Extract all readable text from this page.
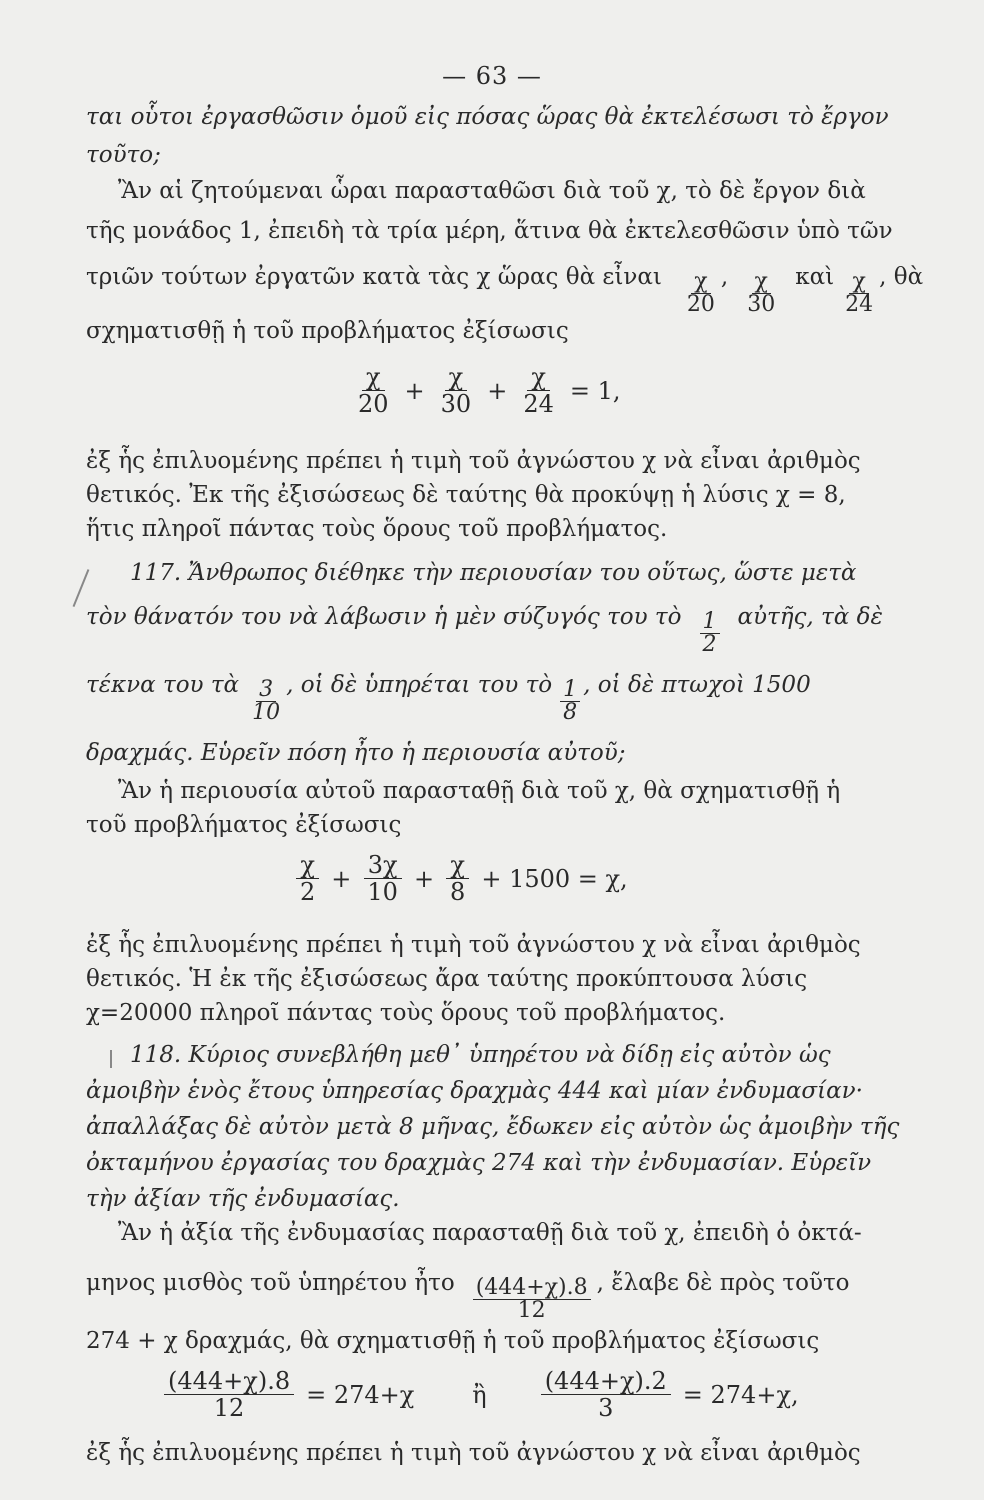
— 63 —
ται οὗτοι ἐργασθῶσιν ὁμοῦ εἰς πόσας ὥρας θὰ ἐκτελέσωσι τὸ ἔργον
τοῦτο;
Ἂν αἱ ζητούμεναι ὧραι παρασταθῶσι διὰ τοῦ χ, τὸ δὲ ἔργον διὰ
τῆς μονάδος 1, ἐπειδὴ τὰ τρία μέρη, ἅτινα θὰ ἐκτελεσθῶσιν ὑπὸ τῶν
τριῶν τούτων ἐργατῶν κατὰ τὰς χ ὥρας θὰ εἶναι $\frac{\chi}{20}$ , $\frac{\chi}{30}$ καὶ $\frac{\chi}{24}$ , θὰ
σχηματισθῇ ἡ τοῦ προβλήματος ἐξίσωσις
$\frac{\chi}{20} + \frac{\chi}{30} + \frac{\chi}{24} = 1$,
ἐξ ἧς ἐπιλυομένης πρέπει ἡ τιμὴ τοῦ ἀγνώστου χ νὰ εἶναι ἀριθμὸς
θετικός. Ἐκ τῆς ἐξισώσεως δὲ ταύτης θὰ προκύψῃ ἡ λύσις χ = 8,
ἥτις πληροῖ πάντας τοὺς ὅρους τοῦ προβλήματος.
117. Ἄνθρωπος διέθηκε τὴν περιουσίαν του οὕτως, ὥστε μετὰ
τὸν θάνατόν του νὰ λάβωσιν ἡ μὲν σύζυγός του τὸ $\frac{1}{2}$ αὐτῆς, τὰ δὲ
τέκνα του τὰ $\frac{3}{10}$ , οἱ δὲ ὑπηρέται του τὸ $\frac{1}{8}$ , οἱ δὲ πτωχοὶ 1500
δραχμάς. Εὑρεῖν πόση ἦτο ἡ περιουσία αὐτοῦ;
Ἂν ἡ περιουσία αὐτοῦ παρασταθῇ διὰ τοῦ χ, θὰ σχηματισθῇ ἡ
τοῦ προβλήματος ἐξίσωσις
$\frac{\chi}{2} + \frac{3\chi}{10} + \frac{\chi}{8} + 1500 = \chi$,
ἐξ ἧς ἐπιλυομένης πρέπει ἡ τιμὴ τοῦ ἀγνώστου χ νὰ εἶναι ἀριθμὸς
θετικός. Ἡ ἐκ τῆς ἐξισώσεως ἄρα ταύτης προκύπτουσα λύσις
χ=20000 πληροῖ πάντας τοὺς ὅρους τοῦ προβλήματος.
118. Κύριος συνεβλήθη μεθ᾽ ὑπηρέτου νὰ δίδῃ εἰς αὐτὸν ὡς
ἀμοιβὴν ἑνὸς ἔτους ὑπηρεσίας δραχμὰς 444 καὶ μίαν ἐνδυμασίαν·
ἀπαλλάξας δὲ αὐτὸν μετὰ 8 μῆνας, ἔδωκεν εἰς αὐτὸν ὡς ἀμοιβὴν τῆς
ὀκταμήνου ἐργασίας του δραχμὰς 274 καὶ τὴν ἐνδυμασίαν. Εὑρεῖν
τὴν ἀξίαν τῆς ἐνδυμασίας.
Ἂν ἡ ἀξία τῆς ἐνδυμασίας παρασταθῇ διὰ τοῦ χ, ἐπειδὴ ὁ ὀκτά-
μηνος μισθὸς τοῦ ὑπηρέτου ἦτο $\frac{(444+\chi).8}{12}$ , ἔλαβε δὲ πρὸς τοῦτο
274 + χ δραχμάς, θὰ σχηματισθῇ ἡ τοῦ προβλήματος ἐξίσωσις
$\frac{(444+\chi).8}{12} = 274+\chi$ ἢ $\frac{(444+\chi).2}{3} = 274+\chi$,
ἐξ ἧς ἐπιλυομένης πρέπει ἡ τιμὴ τοῦ ἀγνώστου χ νὰ εἶναι ἀριθμὸς
